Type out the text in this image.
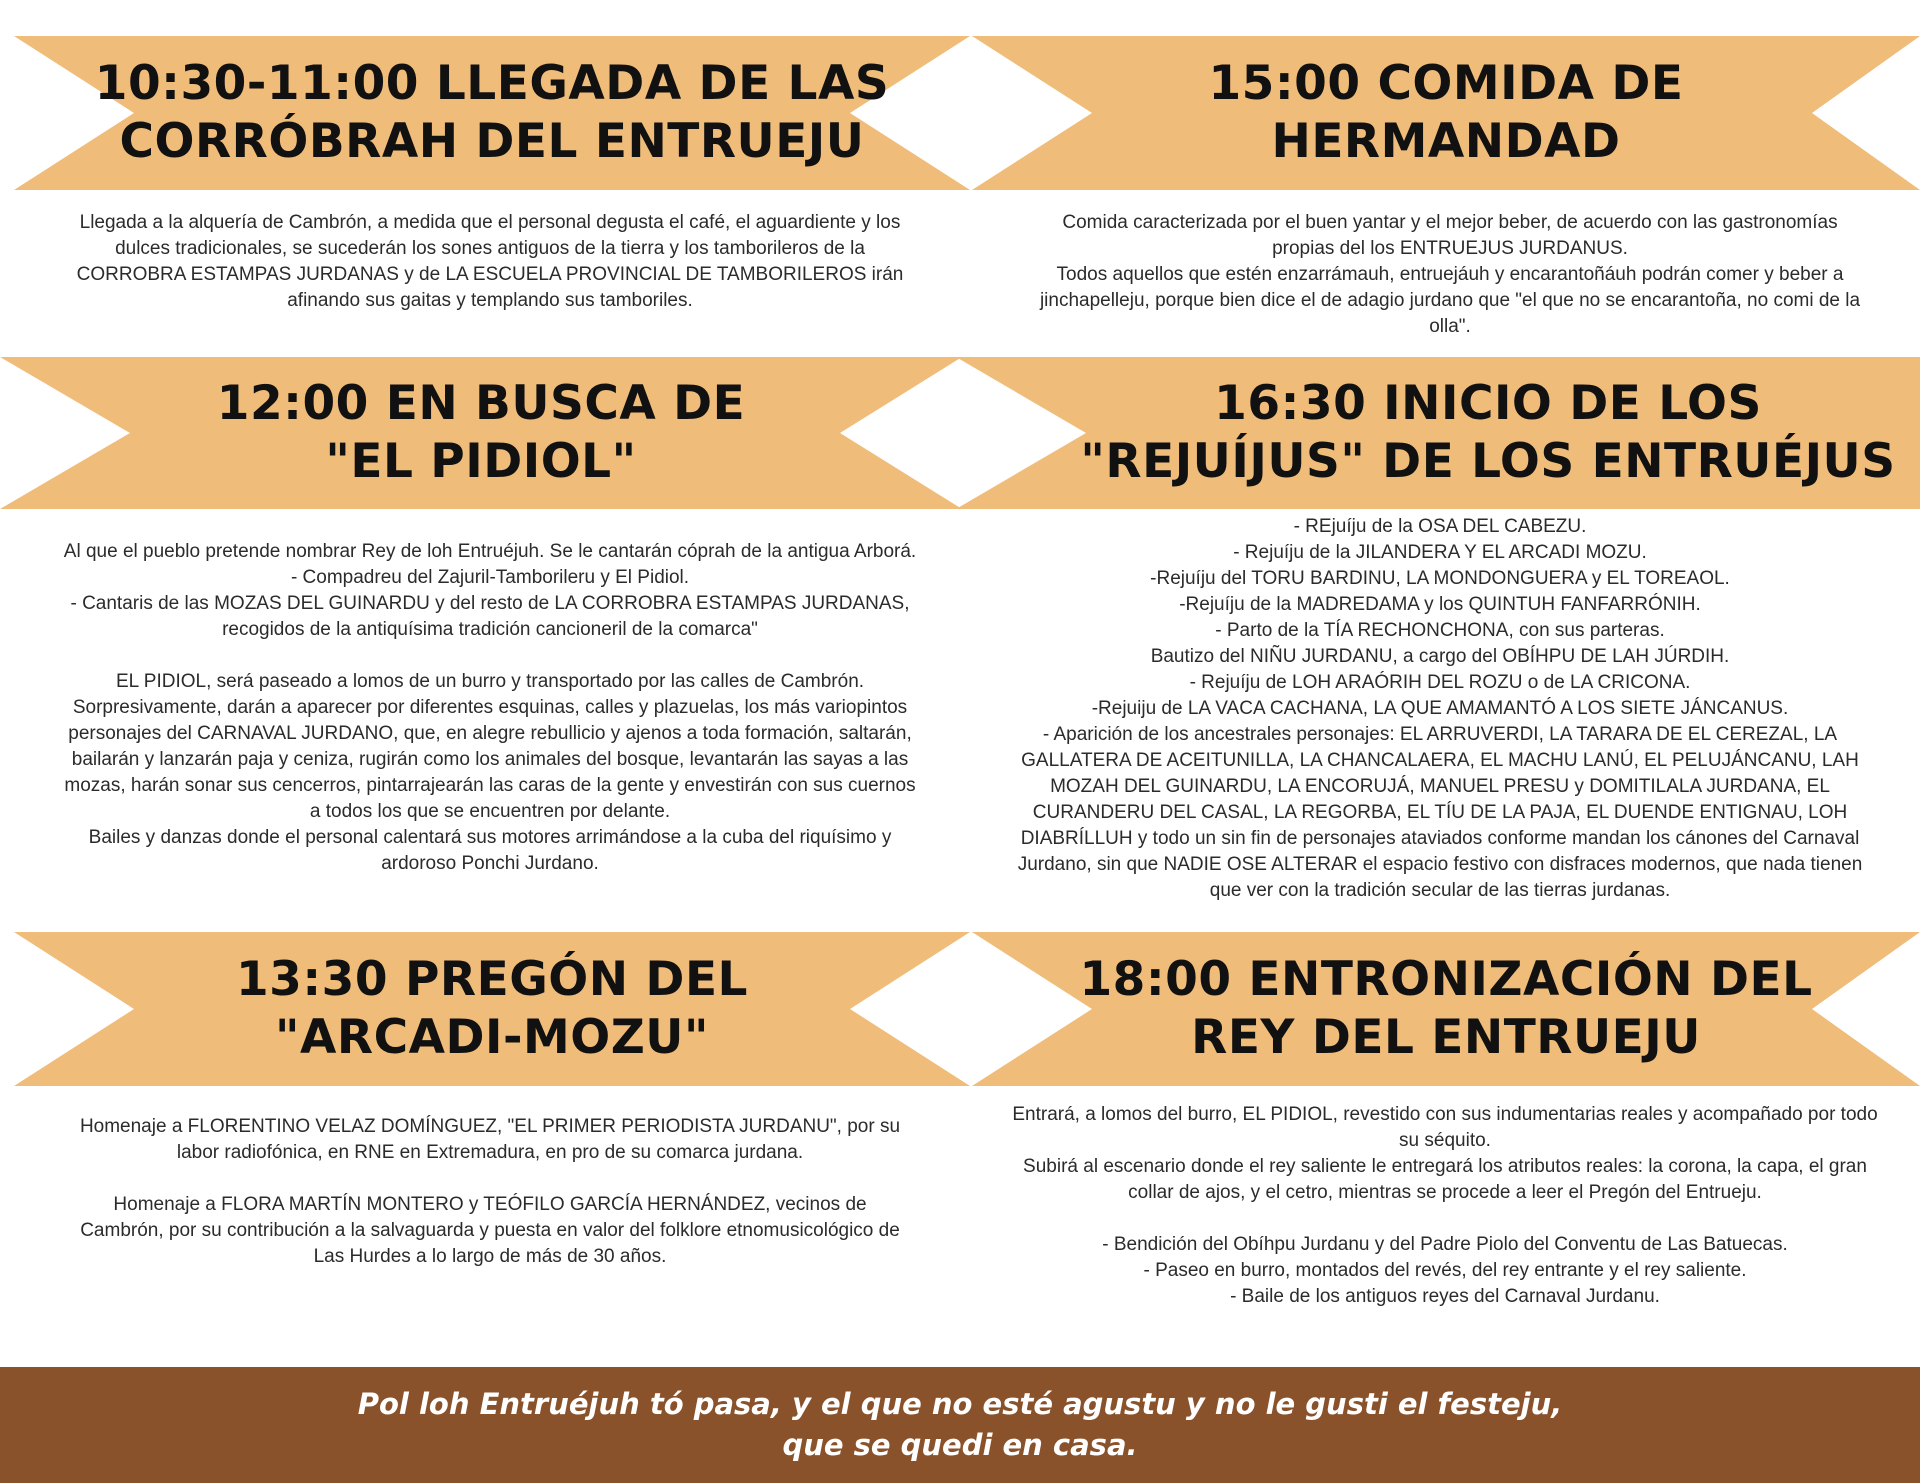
10:30-11:00 LLEGADA DE LAS
CORRÓBRAH DEL ENTRUEJU

Llegada a la alquería de Cambrón, a medida que el personal degusta el café, el aguardiente y los dulces tradicionales, se sucederán los sones antiguos de la tierra y los tamborileros de la CORROBRA ESTAMPAS JURDANAS y de LA ESCUELA PROVINCIAL DE TAMBORILEROS irán afinando sus gaitas y templando sus tamboriles.

15:00 COMIDA DE
HERMANDAD

Comida caracterizada por el buen yantar y el mejor beber, de acuerdo con las gastronomías propias del los ENTRUEJUS JURDANUS.

Todos aquellos que estén enzarrámauh, entruejáuh y encarantoñáuh podrán comer y beber a jinchapelleju, porque bien dice el de adagio jurdano que "el que no se encarantoña, no comi de la olla".

12:00 EN BUSCA DE
"EL PIDIOL"

Al que el pueblo pretende nombrar Rey de loh Entruéjuh. Se le cantarán cóprah de la antigua Arborá.

- Compadreu del Zajuril-Tamborileru y El Pidiol.

- Cantaris de las MOZAS DEL GUINARDU y del resto de LA CORROBRA ESTAMPAS JURDANAS, recogidos de la antiquísima tradición cancioneril de la comarca"

EL PIDIOL, será paseado a lomos de un burro y transportado por las calles de Cambrón. Sorpresivamente, darán a aparecer por diferentes esquinas, calles y plazuelas, los más variopintos personajes del CARNAVAL JURDANO, que, en alegre rebullicio y ajenos a toda formación, saltarán, bailarán y lanzarán paja y ceniza, rugirán como los animales del bosque, levantarán las sayas a las mozas, harán sonar sus cencerros, pintarrajearán las caras de la gente y envestirán con sus cuernos a todos los que se encuentren por delante.

Bailes y danzas donde el personal calentará sus motores arrimándose a la cuba del riquísimo y ardoroso Ponchi Jurdano.

16:30 INICIO DE LOS
"REJUÍJUS" DE LOS ENTRUÉJUS

- REjuíju de la OSA DEL CABEZU.

- Rejuíju de la JILANDERA Y EL ARCADI MOZU.

-Rejuíju del TORU BARDINU, LA MONDONGUERA y EL TOREAOL.

-Rejuíju de la MADREDAMA y los QUINTUH FANFARRÓNIH.

- Parto de la TÍA RECHONCHONA, con sus parteras.

Bautizo del NIÑU JURDANU, a cargo del OBÍHPU DE LAH JÚRDIH.

- Rejuíju de LOH ARAÓRIH DEL ROZU o de LA CRICONA.

-Rejuiju de LA VACA CACHANA, LA QUE AMAMANTÓ A LOS SIETE JÁNCANUS.

- Aparición de los ancestrales personajes: EL ARRUVERDI, LA TARARA DE EL CEREZAL, LA GALLATERA DE ACEITUNILLA, LA CHANCALAERA, EL MACHU LANÚ, EL PELUJÁNCANU, LAH MOZAH DEL GUINARDU, LA ENCORUJÁ, MANUEL PRESU y DOMITILALA JURDANA, EL CURANDERU DEL CASAL, LA REGORBA, EL TÍU DE LA PAJA, EL DUENDE ENTIGNAU, LOH DIABRÍLLUH y todo un sin fin de personajes ataviados conforme mandan los cánones del Carnaval Jurdano, sin que NADIE OSE ALTERAR el espacio festivo con disfraces modernos, que nada tienen que ver con la tradición secular de las tierras jurdanas.

13:30 PREGÓN DEL
"ARCADI-MOZU"

Homenaje a FLORENTINO VELAZ DOMÍNGUEZ, "EL PRIMER PERIODISTA JURDANU", por su labor radiofónica, en RNE en Extremadura, en pro de su comarca jurdana.

Homenaje a FLORA MARTÍN MONTERO y TEÓFILO GARCÍA HERNÁNDEZ, vecinos de Cambrón, por su contribución a la salvaguarda y puesta en valor del folklore etnomusicológico de Las Hurdes a lo largo de más de 30 años.

18:00 ENTRONIZACIÓN DEL
REY DEL ENTRUEJU

Entrará, a lomos del burro, EL PIDIOL, revestido con sus indumentarias reales y acompañado por todo su séquito.

Subirá al escenario donde el rey saliente le entregará los atributos reales: la corona, la capa, el gran collar de ajos, y el cetro, mientras se procede a leer el Pregón del Entrueju.

- Bendición del Obíhpu Jurdanu y del Padre Piolo del Conventu de Las Batuecas.

- Paseo en burro, montados del revés, del rey entrante y el rey saliente.

- Baile de los antiguos reyes del Carnaval Jurdanu.

Pol loh Entruéjuh tó pasa, y el que no esté agustu y no le gusti el festeju,
que se quedi en casa.
